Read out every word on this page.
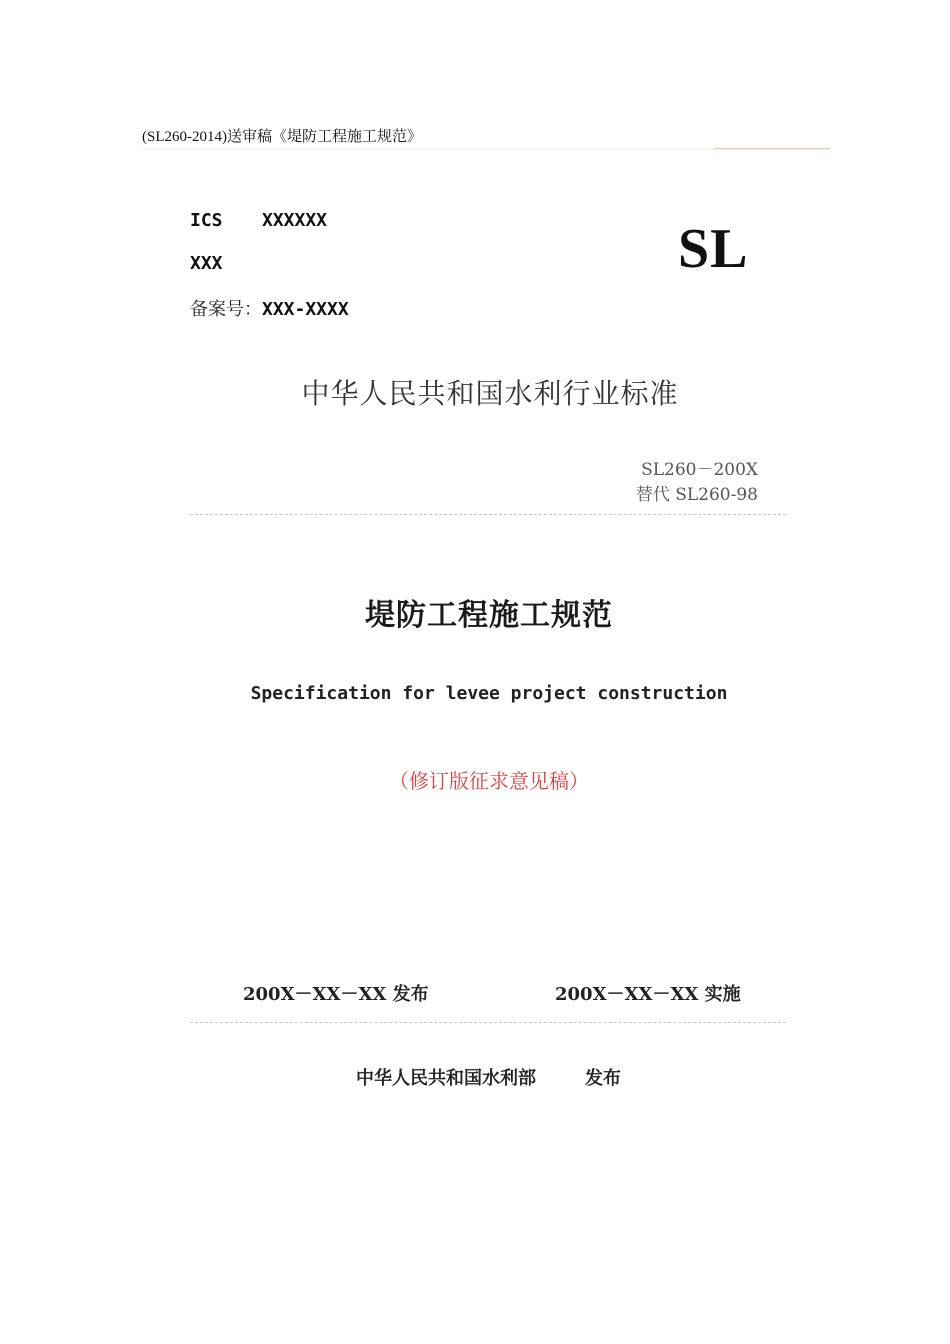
(SL260-2014)送审稿《堤防工程施工规范》
ICS XXXXXX
XXX
备案号：XXX-XXXX
SL
中华人民共和国水利行业标准
SL260－200X
替代 SL260-98
堤防工程施工规范
Specification for levee project construction
（修订版征求意见稿）
200X－XX－XX 发布	200X－XX－XX 实施
中华人民共和国水利部	发布
